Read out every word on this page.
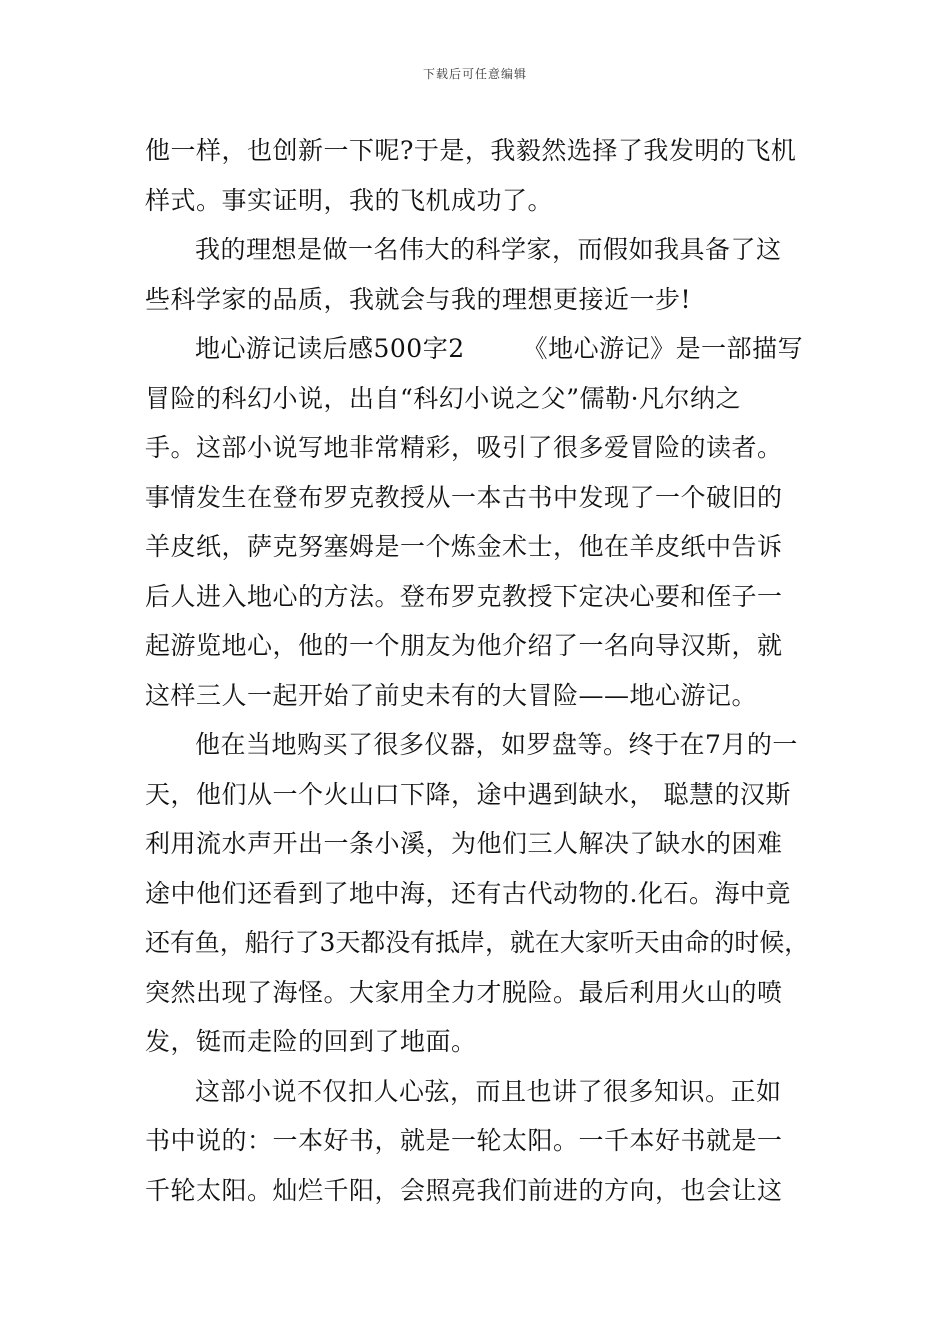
下载后可任意编辑
他一样，也创新一下呢?于是，我毅然选择了我发明的飞机
样式。事实证明，我的飞机成功了。
我的理想是做一名伟大的科学家，而假如我具备了这
些科学家的品质，我就会与我的理想更接近一步!
地心游记读后感500字2 《地心游记》是一部描写
冒险的科幻小说，出自“科幻小说之父”儒勒·凡尔纳之
手。这部小说写地非常精彩，吸引了很多爱冒险的读者。
事情发生在登布罗克教授从一本古书中发现了一个破旧的
羊皮纸，萨克努塞姆是一个炼金术士，他在羊皮纸中告诉
后人进入地心的方法。登布罗克教授下定决心要和侄子一
起游览地心，他的一个朋友为他介绍了一名向导汉斯，就
这样三人一起开始了前史未有的大冒险——地心游记。
他在当地购买了很多仪器，如罗盘等。终于在7月的一
天，他们从一个火山口下降，途中遇到缺水， 聪慧的汉斯
利用流水声开出一条小溪，为他们三人解决了缺水的困难
途中他们还看到了地中海，还有古代动物的.化石。海中竟
还有鱼，船行了3天都没有抵岸，就在大家听天由命的时候，
突然出现了海怪。大家用全力才脱险。最后利用火山的喷
发，铤而走险的回到了地面。
这部小说不仅扣人心弦，而且也讲了很多知识。正如
书中说的：一本好书，就是一轮太阳。一千本好书就是一
千轮太阳。灿烂千阳，会照亮我们前进的方向，也会让这
